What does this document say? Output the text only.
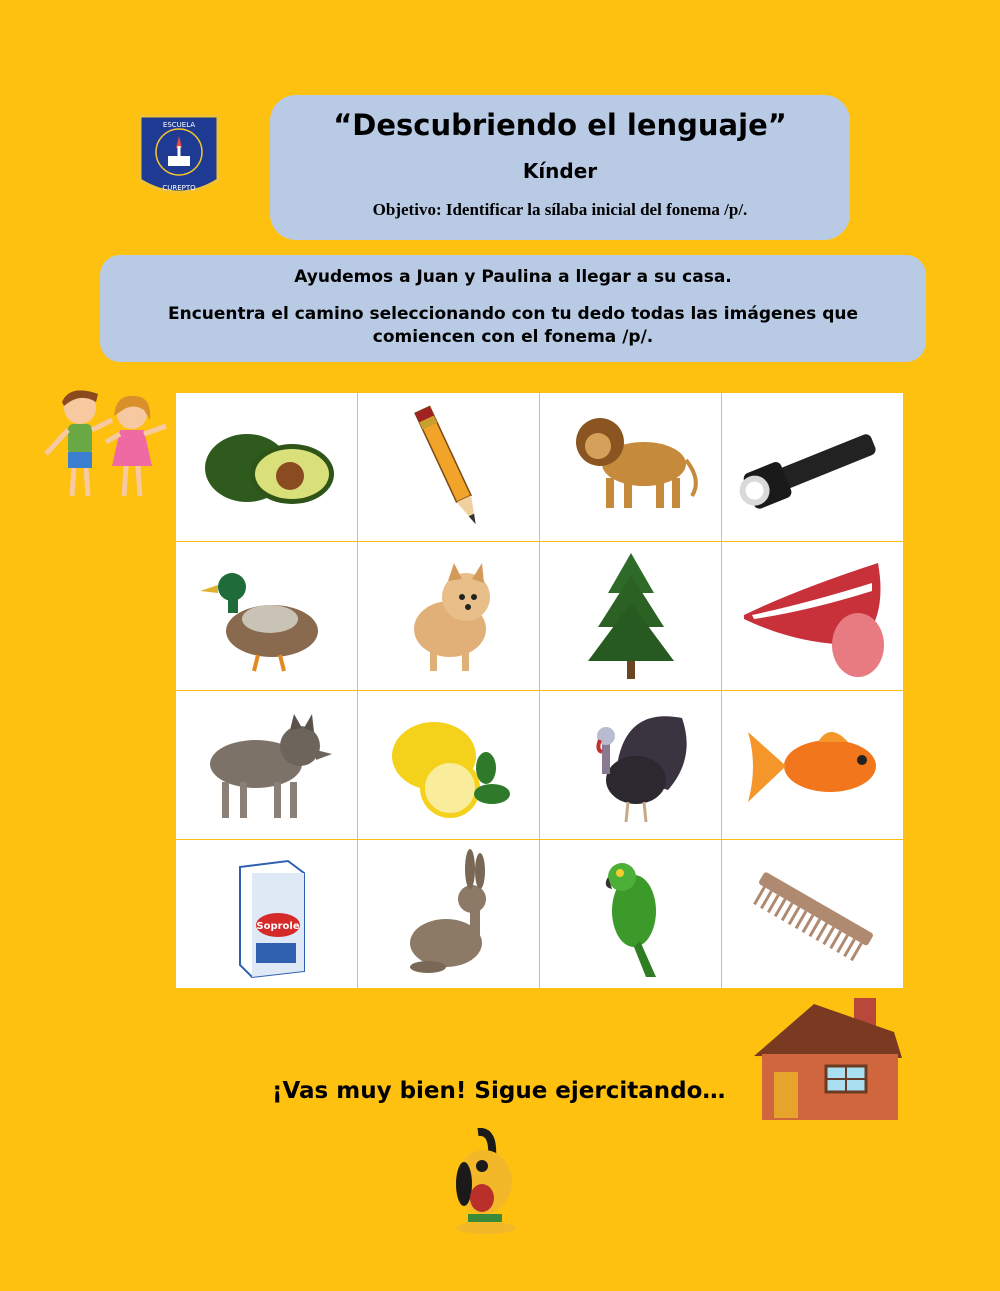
ESCUELA
CUREPTO
“Descubriendo el lenguaje”
Kínder
Objetivo: Identificar la sílaba inicial del fonema /p/.
Ayudemos a Juan y Paulina a llegar a su casa.
Encuentra el camino seleccionando con tu dedo todas las imágenes que comiencen con el fonema /p/.
Soprole
¡Vas muy bien! Sigue ejercitando…
